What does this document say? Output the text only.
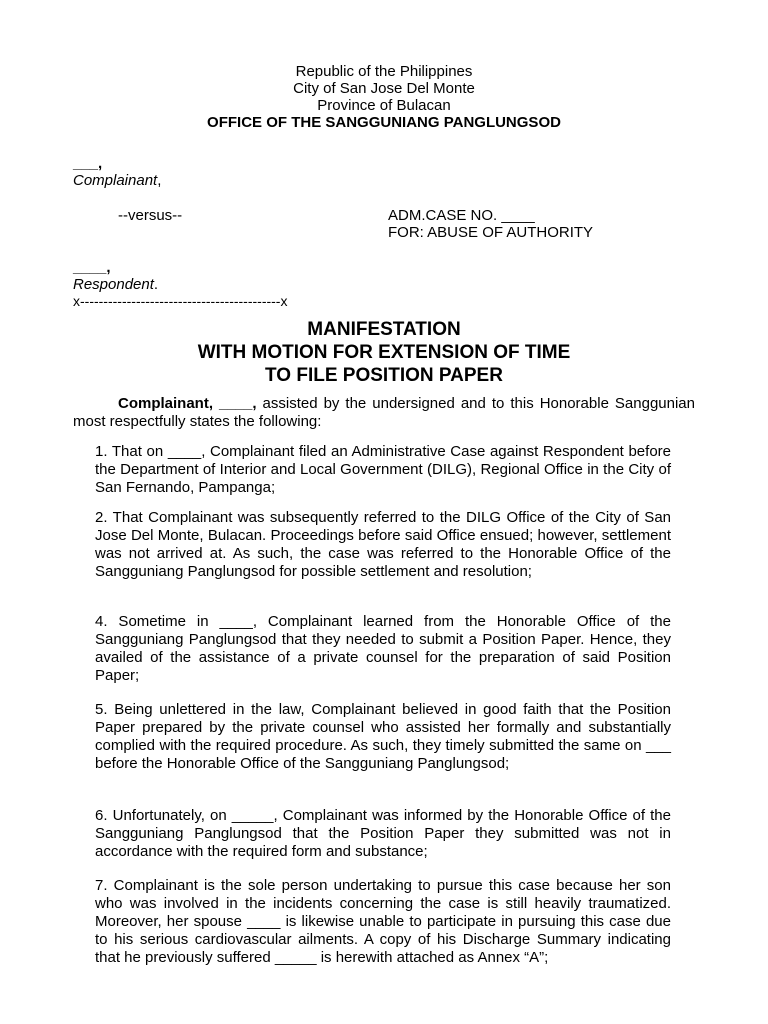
Republic of the Philippines
City of San Jose Del Monte
Province of Bulacan
OFFICE OF THE SANGGUNIANG PANGLUNGSOD
___,
Complainant,
--versus--	ADM.CASE NO. ____
FOR: ABUSE OF AUTHORITY
____,
Respondent.
x-------------------------------------------x
MANIFESTATION
WITH MOTION FOR EXTENSION OF TIME
TO FILE POSITION PAPER
Complainant, ____, assisted by the undersigned and to this Honorable Sanggunian most respectfully states the following:
1. That on ____, Complainant filed an Administrative Case against Respondent before the Department of Interior and Local Government (DILG), Regional Office in the City of San Fernando, Pampanga;
2. That Complainant was subsequently referred to the DILG Office of the City of San Jose Del Monte, Bulacan. Proceedings before said Office ensued; however, settlement was not arrived at. As such, the case was referred to the Honorable Office of the Sangguniang Panglungsod for possible settlement and resolution;
4. Sometime in ____, Complainant learned from the Honorable Office of the Sangguniang Panglungsod that they needed to submit a Position Paper. Hence, they availed of the assistance of a private counsel for the preparation of said Position Paper;
5. Being unlettered in the law, Complainant believed in good faith that the Position Paper prepared by the private counsel who assisted her formally and substantially complied with the required procedure. As such, they timely submitted the same on ___ before the Honorable Office of the Sangguniang Panglungsod;
6. Unfortunately, on _____, Complainant was informed by the Honorable Office of the Sangguniang Panglungsod that the Position Paper they submitted was not in accordance with the required form and substance;
7. Complainant is the sole person undertaking to pursue this case because her son who was involved in the incidents concerning the case is still heavily traumatized. Moreover, her spouse ____ is likewise unable to participate in pursuing this case due to his serious cardiovascular ailments. A copy of his Discharge Summary indicating that he previously suffered _____ is herewith attached as Annex “A”;
